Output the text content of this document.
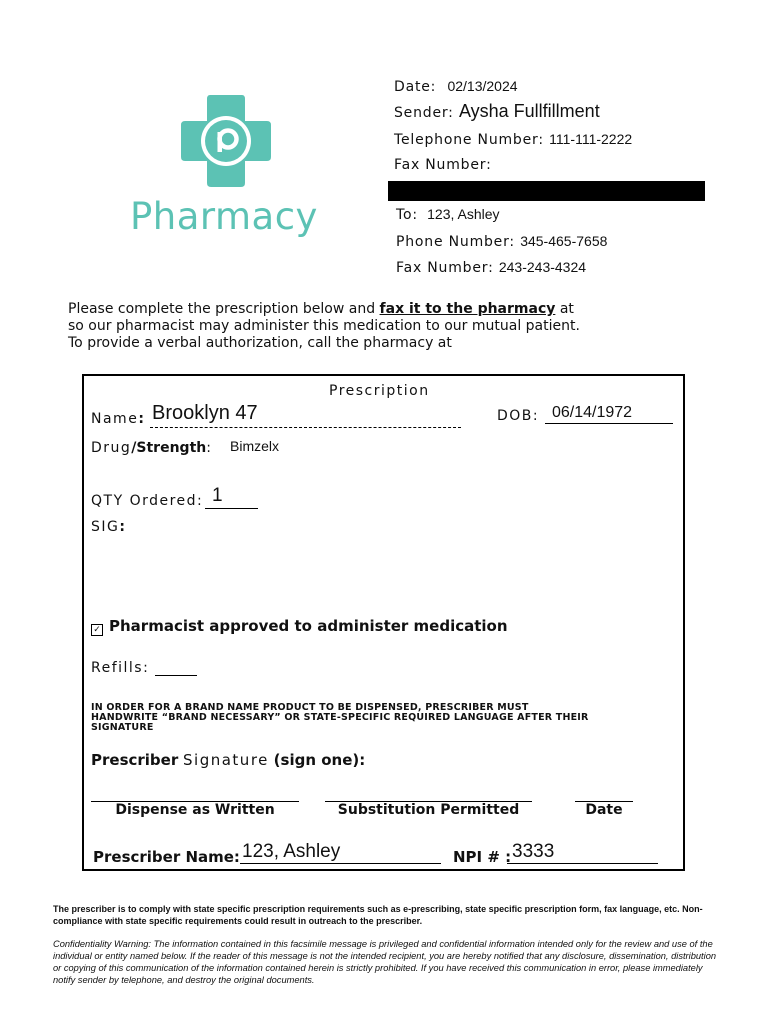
Pharmacy
Date: 02/13/2024
Sender: Aysha Fullfillment
Telephone Number: 111-111-2222
Fax Number:
To: 123, Ashley
Phone Number: 345-465-7658
Fax Number: 243-243-4324
Please complete the prescription below and fax it to the pharmacy at
so our pharmacist may administer this medication to our mutual patient.
To provide a verbal authorization, call the pharmacy at
Prescription
Name: Brooklyn 47	DOB: 06/14/1972
Drug/Strength: Bimzelx
QTY Ordered: 1
SIG:
✓ Pharmacist approved to administer medication
Refills:
IN ORDER FOR A BRAND NAME PRODUCT TO BE DISPENSED, PRESCRIBER MUST HANDWRITE “BRAND NECESSARY” OR STATE-SPECIFIC REQUIRED LANGUAGE AFTER THEIR SIGNATURE
Prescriber Signature (sign one):
Dispense as Written	Substitution Permitted	Date
Prescriber Name: 123, Ashley	NPI # : 3333
The prescriber is to comply with state specific prescription requirements such as e-prescribing, state specific prescription form, fax language, etc. Non-compliance with state specific requirements could result in outreach to the prescriber.
Confidentiality Warning: The information contained in this facsimile message is privileged and confidential information intended only for the review and use of the individual or entity named below. If the reader of this message is not the intended recipient, you are hereby notified that any disclosure, dissemination, distribution or copying of this communication of the information contained herein is strictly prohibited. If you have received this communication in error, please immediately notify sender by telephone, and destroy the original documents.
